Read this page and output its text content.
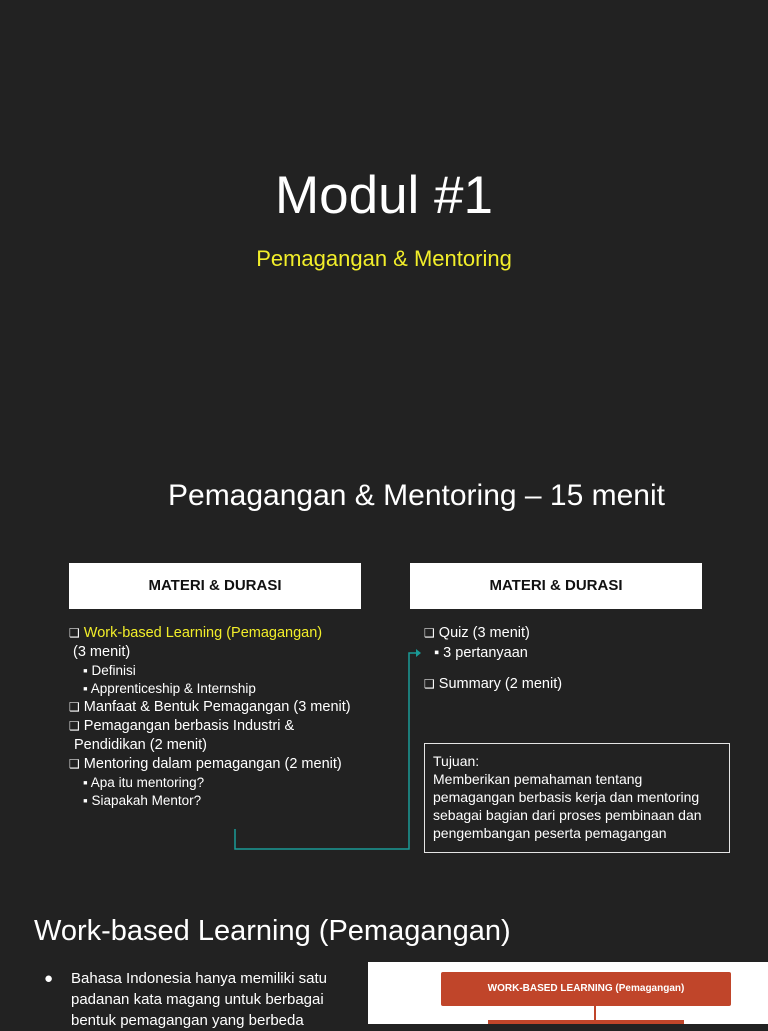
Modul #1
Pemagangan & Mentoring
Pemagangan & Mentoring – 15 menit
MATERI & DURASI	MATERI & DURASI
❑ Work-based Learning (Pemagangan)
(3 menit)
▪ Definisi
▪ Apprenticeship & Internship
❑ Manfaat & Bentuk Pemagangan (3 menit)
❑ Pemagangan berbasis Industri &
Pendidikan (2 menit)
❑ Mentoring dalam pemagangan (2 menit)
▪ Apa itu mentoring?
▪ Siapakah Mentor?
❑ Quiz (3 menit)
▪ 3 pertanyaan
❑ Summary (2 menit)
Tujuan:
Memberikan pemahaman tentang
pemagangan berbasis kerja dan mentoring
sebagai bagian dari proses pembinaan dan
pengembangan peserta pemagangan
Work-based Learning (Pemagangan)
● Bahasa Indonesia hanya memiliki satu
padanan kata magang untuk berbagai
bentuk pemagangan yang berbeda
WORK-BASED LEARNING (Pemagangan)
